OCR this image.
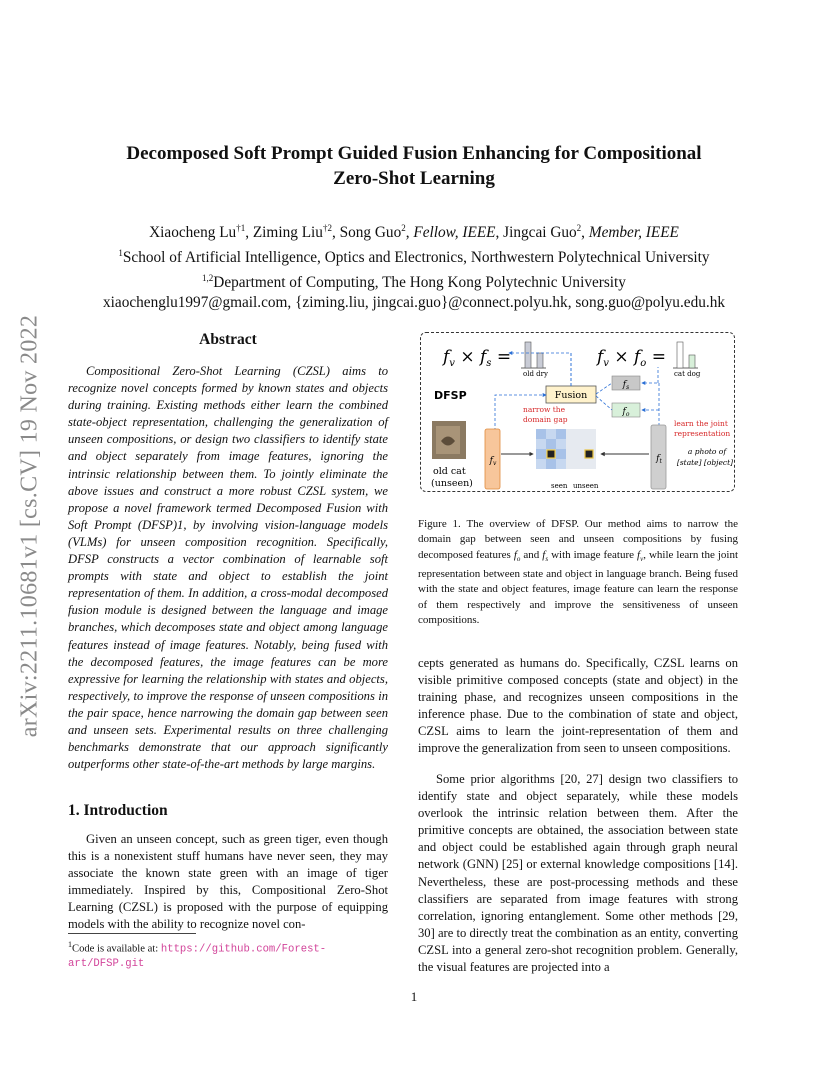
arXiv:2211.10681v1 [cs.CV] 19 Nov 2022
Decomposed Soft Prompt Guided Fusion Enhancing for Compositional
Zero-Shot Learning
Xiaocheng Lu$^{\dagger 1}$, Ziming Liu$^{\dagger 2}$, Song Guo$^2$, Fellow, IEEE, Jingcai Guo$^2$, Member, IEEE
$^1$School of Artificial Intelligence, Optics and Electronics, Northwestern Polytechnical University
$^{1,2}$Department of Computing, The Hong Kong Polytechnic University
xiaochenglu1997@gmail.com, {ziming.liu, jingcai.guo}@connect.polyu.hk, song.guo@polyu.edu.hk
Abstract
Compositional Zero-Shot Learning (CZSL) aims to recognize novel concepts formed by known states and objects during training. Existing methods either learn the combined state-object representation, challenging the generalization of unseen compositions, or design two classifiers to identify state and object separately from image features, ignoring the intrinsic relationship between them. To jointly eliminate the above issues and construct a more robust CZSL system, we propose a novel framework termed Decomposed Fusion with Soft Prompt (DFSP)1, by involving vision-language models (VLMs) for unseen composition recognition. Specifically, DFSP constructs a vector combination of learnable soft prompts with state and object to establish the joint representation of them. In addition, a cross-modal decomposed fusion module is designed between the language and image branches, which decomposes state and object among language features instead of image features. Notably, being fused with the decomposed features, the image features can be more expressive for learning the relationship with states and objects, respectively, to improve the response of unseen compositions in the pair space, hence narrowing the domain gap between seen and unseen sets. Experimental results on three challenging benchmarks demonstrate that our approach significantly outperforms other state-of-the-art methods by large margins.
1. Introduction
Given an unseen concept, such as green tiger, even though this is a nonexistent stuff humans have never seen, they may associate the known state green with an image of tiger immediately. Inspired by this, Compositional Zero-Shot Learning (CZSL) is proposed with the purpose of equipping models with the ability to recognize novel con-
$^1$Code is available at: https://github.com/Forest-art/DFSP.git
$f_v \times f_s$ =
old dry
$f_v \times f_o$ =
cat dog
DFSP	Fusion
$f_s$
$f_o$
narrow the
domain gap	learn the joint
representation
old cat
(unseen)
$f_v$
seen unseen
$f_t$
a photo of
[state] [object]
Figure 1. The overview of DFSP. Our method aims to narrow the domain gap between seen and unseen compositions by fusing decomposed features $f_o$ and $f_s$ with image feature $f_v$, while learn the joint representation between state and object in language branch. Being fused with the state and object features, image feature can learn the response of them respectively and improve the sensitiveness of unseen compositions.
cepts generated as humans do. Specifically, CZSL learns on visible primitive composed concepts (state and object) in the training phase, and recognizes unseen compositions in the inference phase. Due to the combination of state and object, CZSL aims to learn the joint-representation of them and improve the generalization from seen to unseen compositions.
Some prior algorithms [20, 27] design two classifiers to identify state and object separately, while these models overlook the intrinsic relation between them. After the primitive concepts are obtained, the association between state and object could be established again through graph neural network (GNN) [25] or external knowledge compositions [14]. Nevertheless, these are post-processing methods and these classifiers are separated from image features with strong correlation, ignoring entanglement. Some other methods [29, 30] are to directly treat the combination as an entity, converting CZSL into a general zero-shot recognition problem. Generally, the visual features are projected into a
1
